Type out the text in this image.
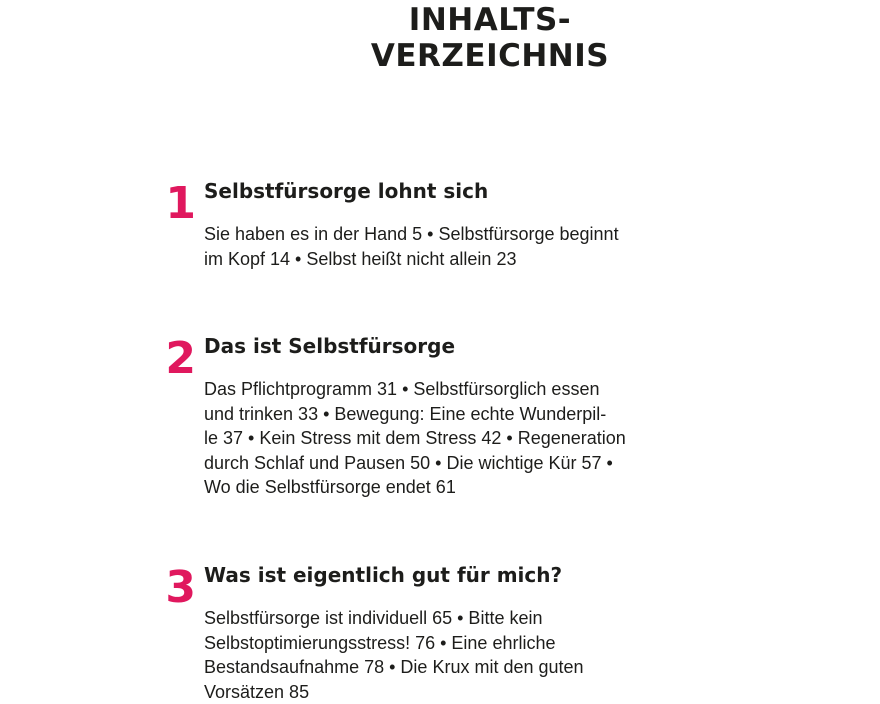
INHALTS-
VERZEICHNIS
1 Selbstfürsorge lohnt sich

Sie haben es in der Hand 5 • Selbstfürsorge beginnt
im Kopf 14 • Selbst heißt nicht allein 23

2 Das ist Selbstfürsorge

Das Pflichtprogramm 31 • Selbstfürsorglich essen
und trinken 33 • Bewegung: Eine echte Wunderpil-
le 37 • Kein Stress mit dem Stress 42 • Regeneration
durch Schlaf und Pausen 50 • Die wichtige Kür 57 •
Wo die Selbstfürsorge endet 61

3 Was ist eigentlich gut für mich?

Selbstfürsorge ist individuell 65 • Bitte kein
Selbstoptimierungsstress! 76 • Eine ehrliche
Bestandsaufnahme 78 • Die Krux mit den guten
Vorsätzen 85
